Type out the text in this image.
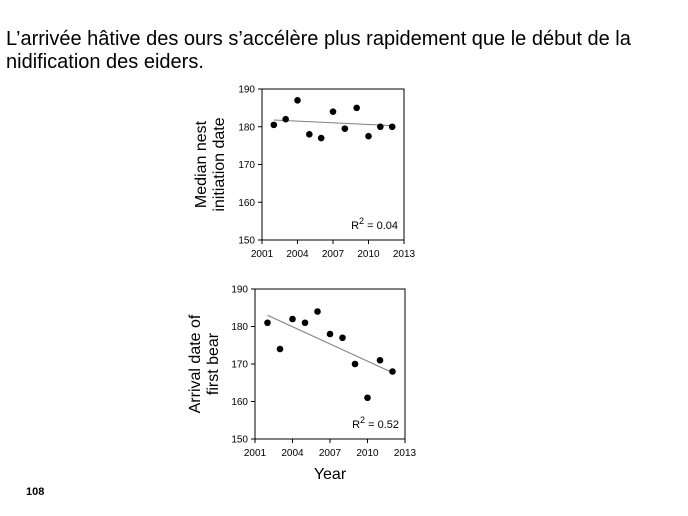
L’arrivée hâtive des ours s’accélère plus rapidement que le début de la nidification des eiders.
150
160
170
180
190
2001 2004 2007 2010 2013
$R^2 = 0.04$
Median nestinitiation date
150
160
170
180
190
2001 2004 2007 2010 2013
$R^2 = 0.52$
Arrival date offirst bear
Year
108
